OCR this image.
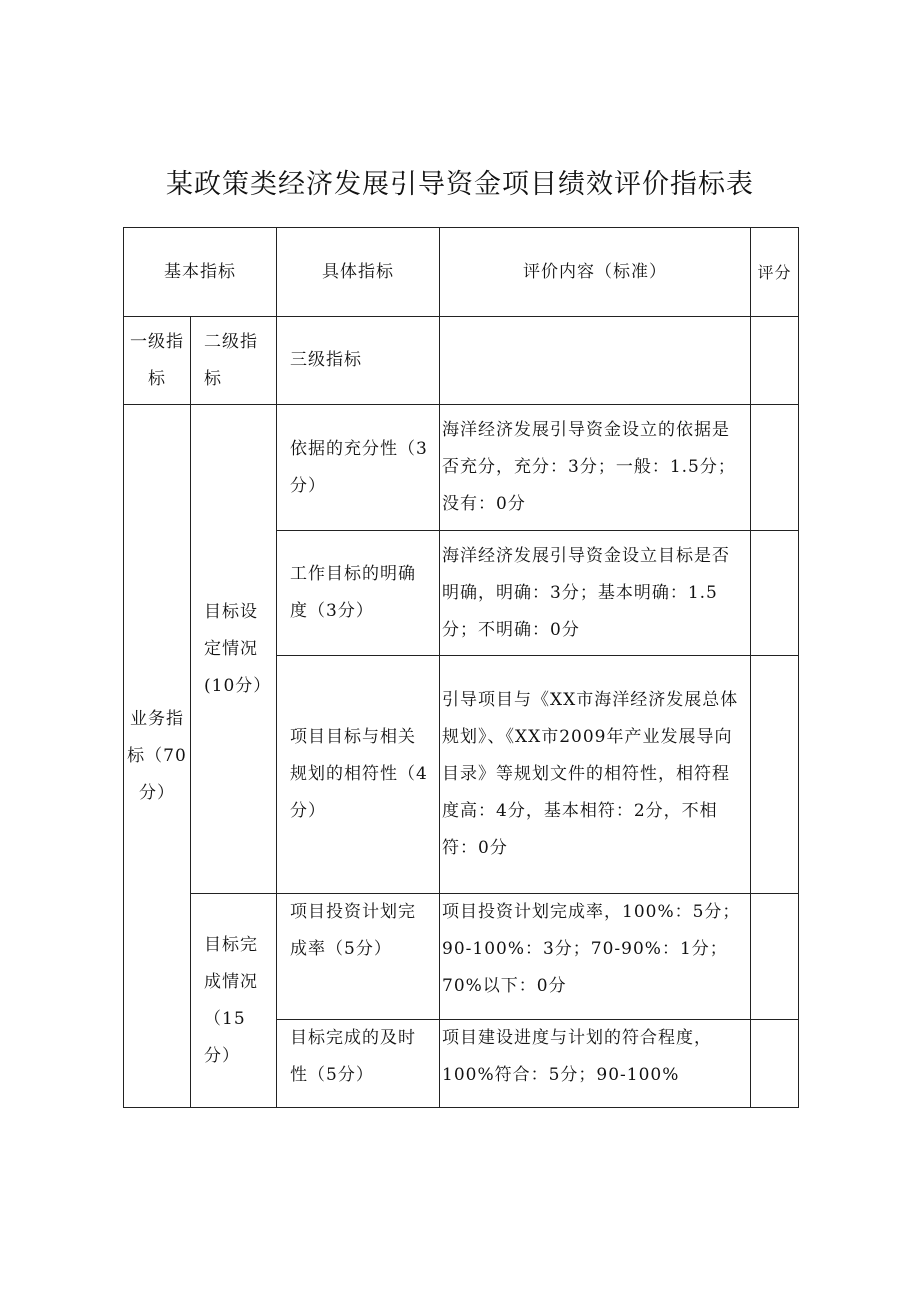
某政策类经济发展引导资金项目绩效评价指标表
基本指标		具体指标	评价内容（标准）	评分
一级指标	二级指标	三级指标		
业务指标（70分）	目标设定情况(10分）	依据的充分性（3分）	海洋经济发展引导资金设立的依据是否充分，充分：3分；一般：1.5分；没有：0分	
		工作目标的明确度（3分）	海洋经济发展引导资金设立目标是否明确，明确：3分；基本明确：1.5分；不明确：0分	
		项目目标与相关规划的相符性（4分）	引导项目与《XX市海洋经济发展总体规划》、《XX市2009年产业发展导向目录》等规划文件的相符性，相符程度高：4分，基本相符：2分，不相符：0分	
	目标完成情况（15分）	项目投资计划完成率（5分）	项目投资计划完成率，100%：5分；90-100%：3分；70-90%：1分；70%以下：0分	
		目标完成的及时性（5分）	项目建设进度与计划的符合程度，100%符合：5分；90-100%	
